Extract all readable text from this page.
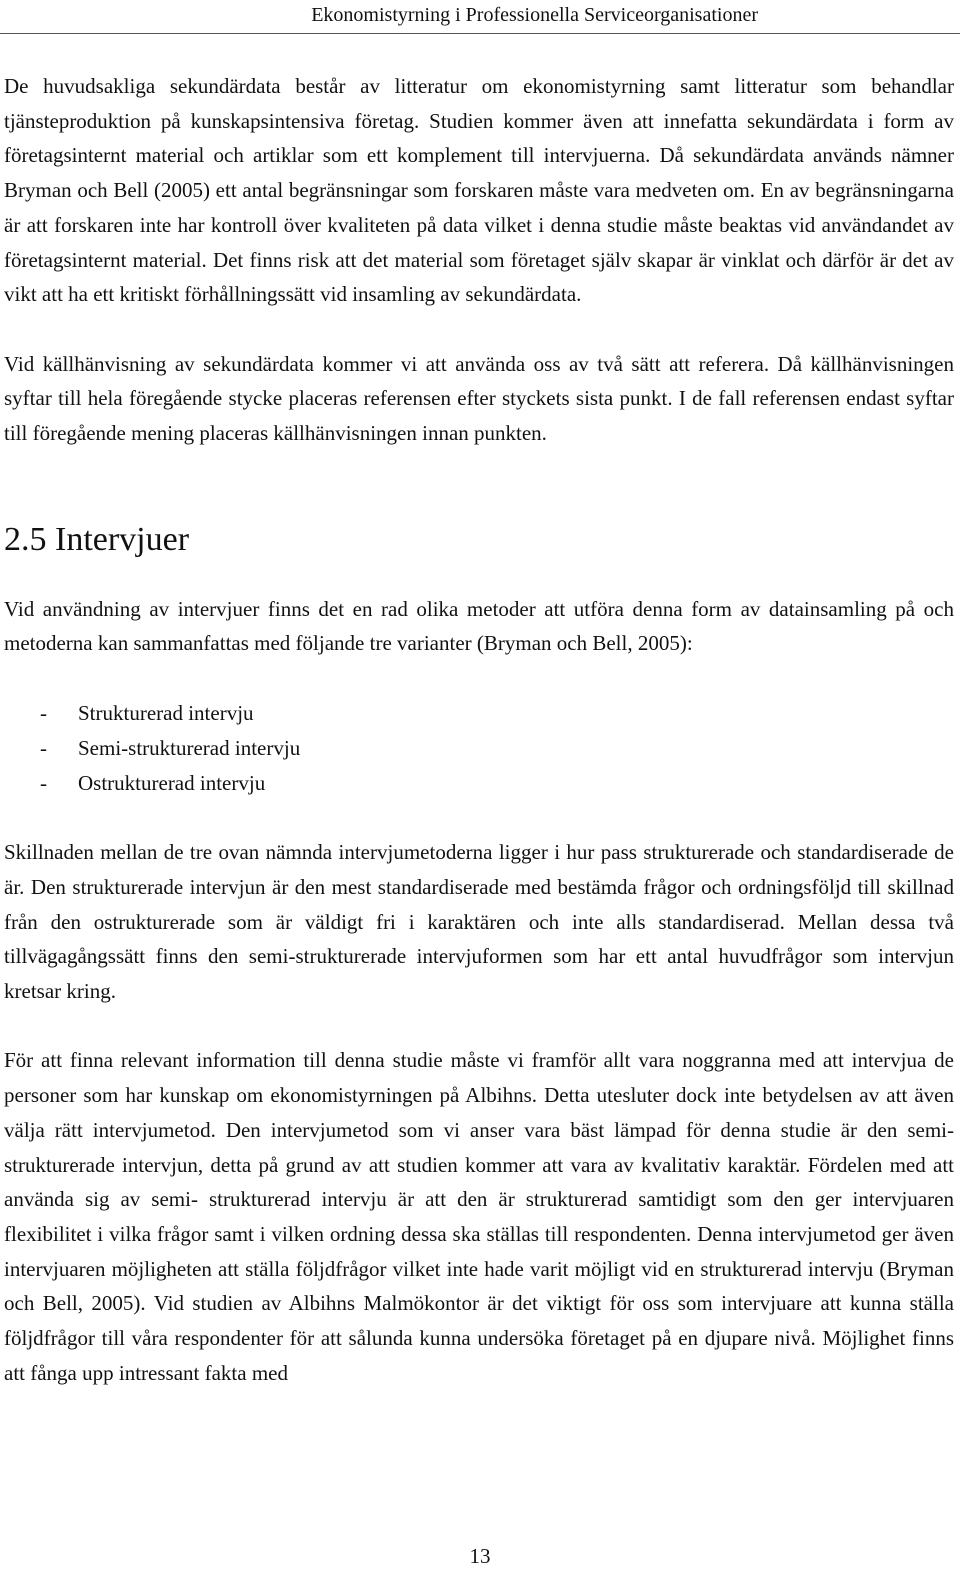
Ekonomistyrning i Professionella Serviceorganisationer

De huvudsakliga sekundärdata består av litteratur om ekonomistyrning samt litteratur som behandlar tjänsteproduktion på kunskapsintensiva företag. Studien kommer även att innefatta sekundärdata i form av företagsinternt material och artiklar som ett komplement till intervjuerna. Då sekundärdata används nämner Bryman och Bell (2005) ett antal begränsningar som forskaren måste vara medveten om. En av begränsningarna är att forskaren inte har kontroll över kvaliteten på data vilket i denna studie måste beaktas vid användandet av företagsinternt material. Det finns risk att det material som företaget själv skapar är vinklat och därför är det av vikt att ha ett kritiskt förhållningssätt vid insamling av sekundärdata.

Vid källhänvisning av sekundärdata kommer vi att använda oss av två sätt att referera. Då källhänvisningen syftar till hela föregående stycke placeras referensen efter styckets sista punkt. I de fall referensen endast syftar till föregående mening placeras källhänvisningen innan punkten.

2.5 Intervjuer

Vid användning av intervjuer finns det en rad olika metoder att utföra denna form av datainsamling på och metoderna kan sammanfattas med följande tre varianter (Bryman och Bell, 2005):

- Strukturerad intervju
- Semi-strukturerad intervju
- Ostrukturerad intervju

Skillnaden mellan de tre ovan nämnda intervjumetoderna ligger i hur pass strukturerade och standardiserade de är. Den strukturerade intervjun är den mest standardiserade med bestämda frågor och ordningsföljd till skillnad från den ostrukturerade som är väldigt fri i karaktären och inte alls standardiserad. Mellan dessa två tillvägagångssätt finns den semi-strukturerade intervjuformen som har ett antal huvudfrågor som intervjun kretsar kring.

För att finna relevant information till denna studie måste vi framför allt vara noggranna med att intervjua de personer som har kunskap om ekonomistyrningen på Albihns. Detta utesluter dock inte betydelsen av att även välja rätt intervjumetod. Den intervjumetod som vi anser vara bäst lämpad för denna studie är den semi-strukturerade intervjun, detta på grund av att studien kommer att vara av kvalitativ karaktär. Fördelen med att använda sig av semi- strukturerad intervju är att den är strukturerad samtidigt som den ger intervjuaren flexibilitet i vilka frågor samt i vilken ordning dessa ska ställas till respondenten. Denna intervjumetod ger även intervjuaren möjligheten att ställa följdfrågor vilket inte hade varit möjligt vid en strukturerad intervju (Bryman och Bell, 2005). Vid studien av Albihns Malmökontor är det viktigt för oss som intervjuare att kunna ställa följdfrågor till våra respondenter för att sålunda kunna undersöka företaget på en djupare nivå. Möjlighet finns att fånga upp intressant fakta med

13
